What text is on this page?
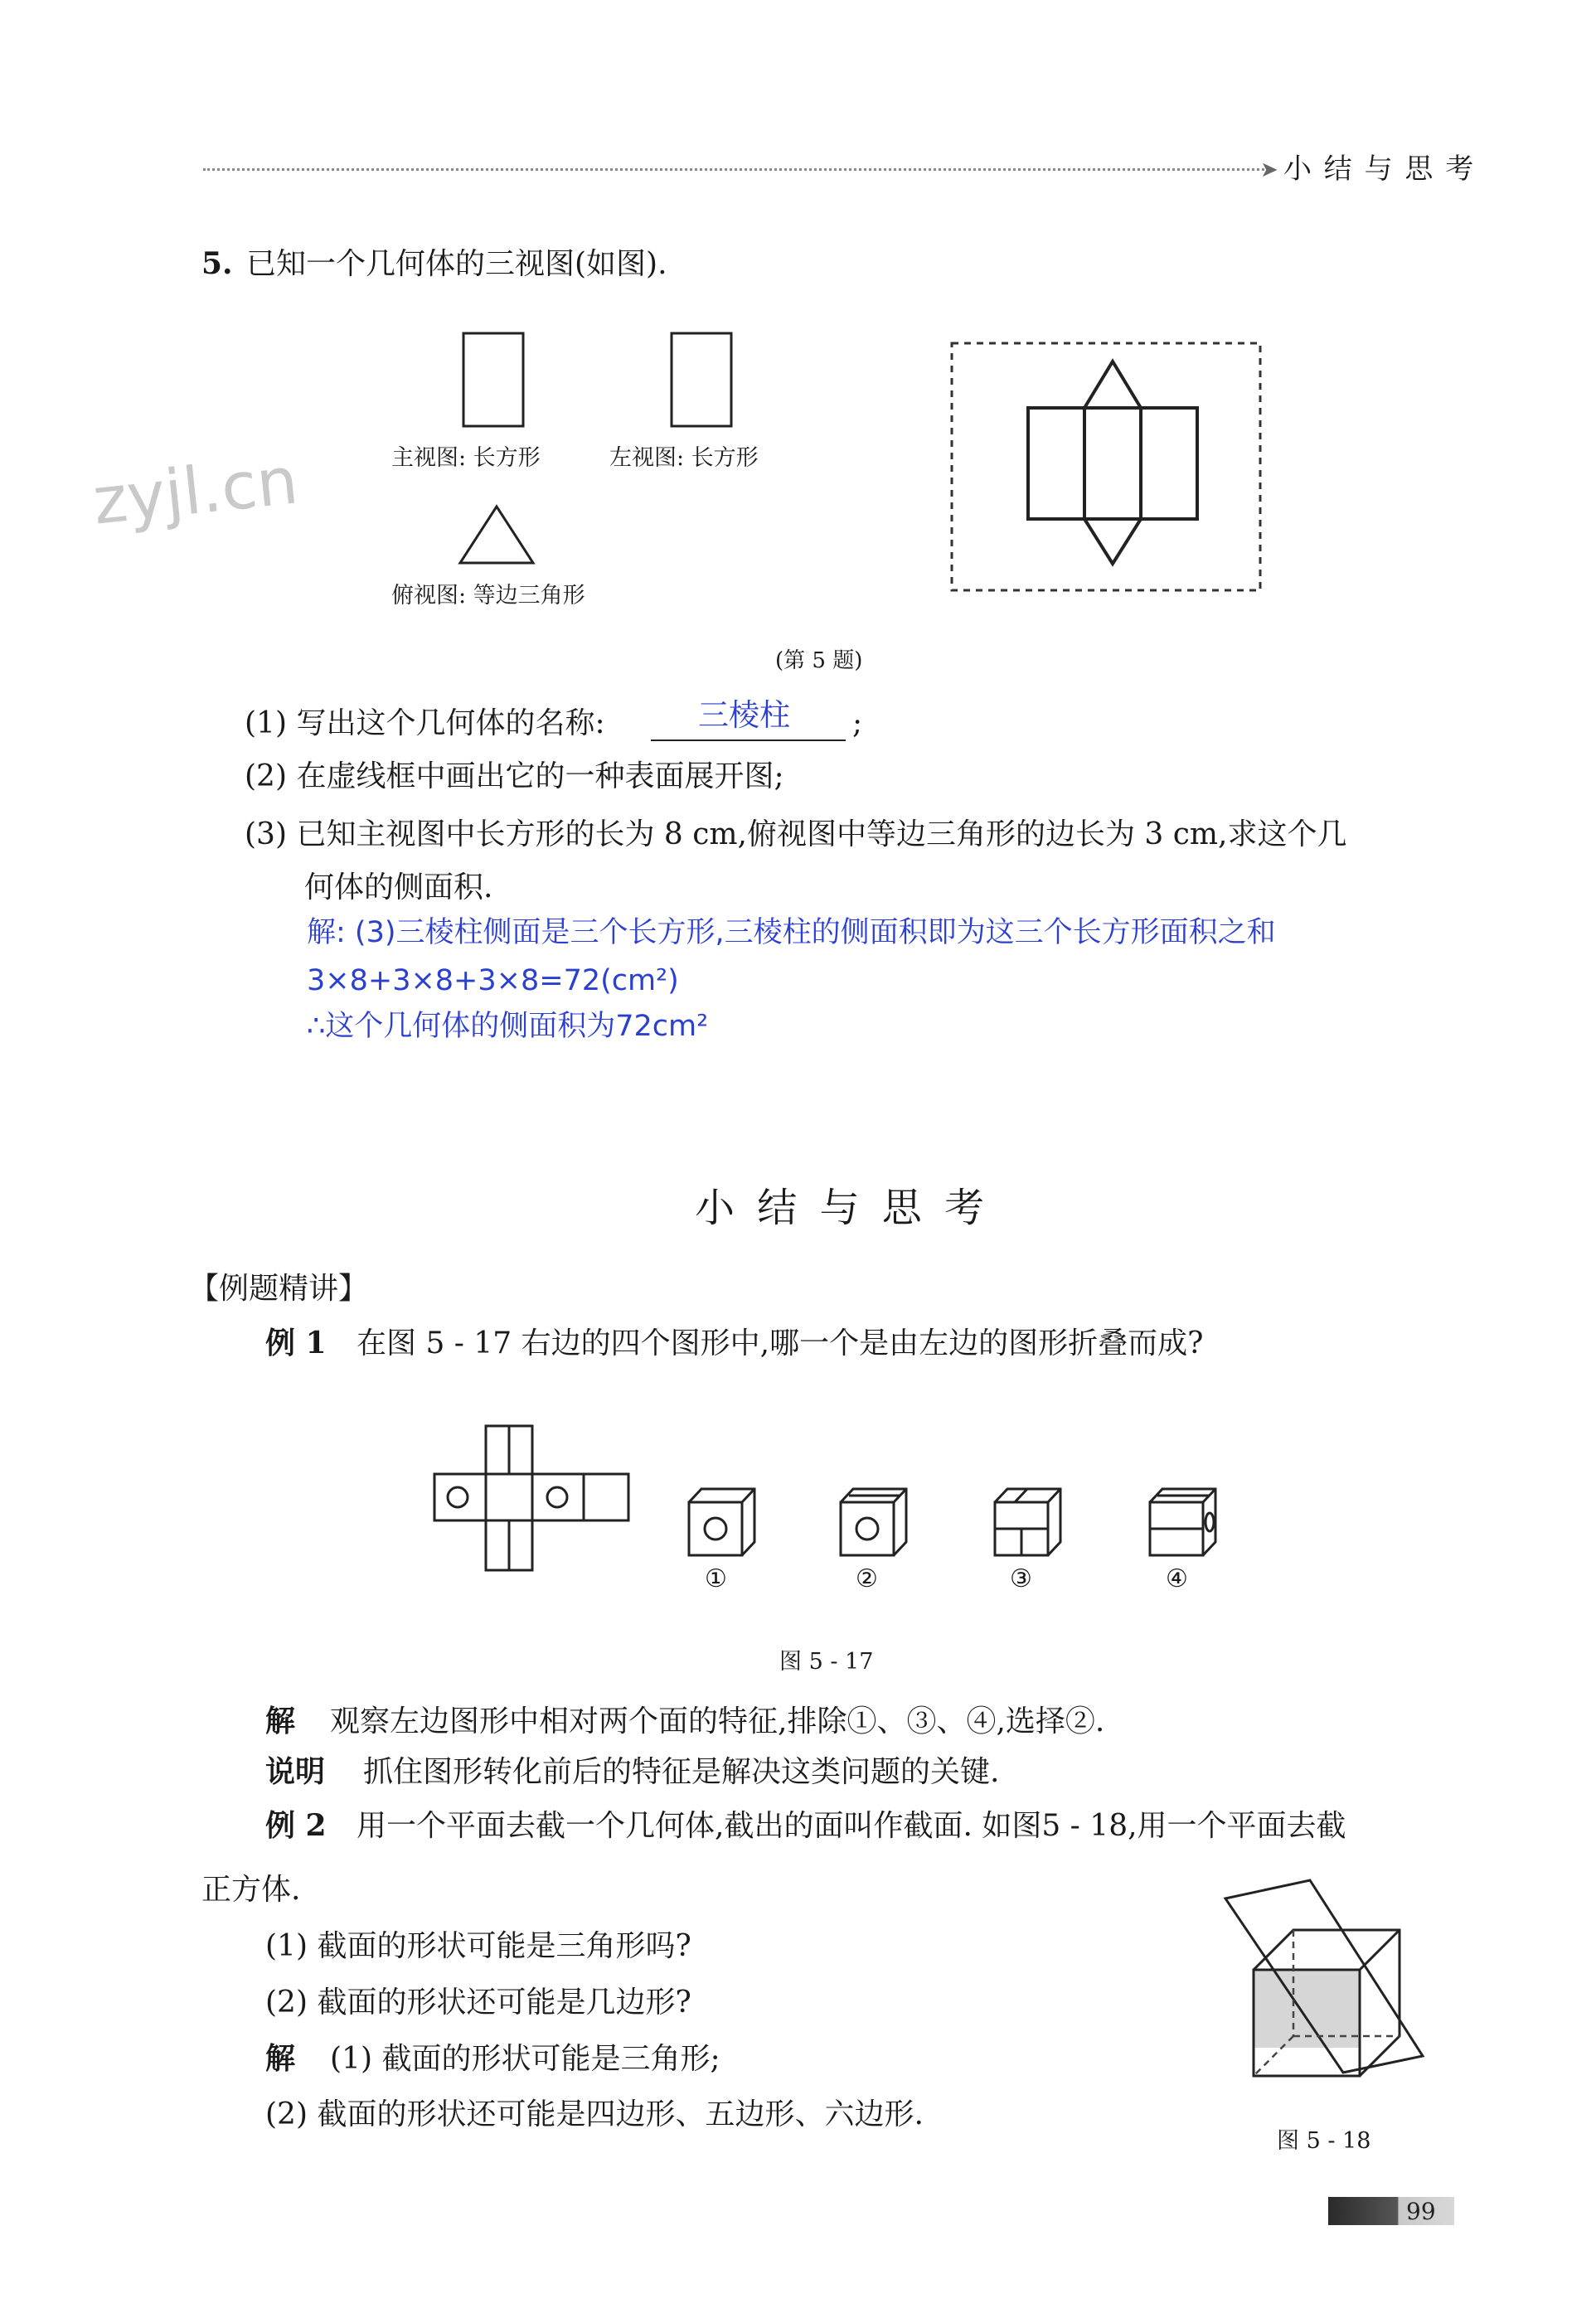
➤ 小 结 与 思 考
zyjl.cn
5. 已知一个几何体的三视图(如图).
主视图: 长方形	左视图: 长方形
俯视图: 等边三角形
(第 5 题)
(1) 写出这个几何体的名称:	三棱柱 ;
(2) 在虚线框中画出它的一种表面展开图;
(3) 已知主视图中长方形的长为 8 cm,俯视图中等边三角形的边长为 3 cm,求这个几
何体的侧面积.
解: (3)三棱柱侧面是三个长方形,三棱柱的侧面积即为这三个长方形面积之和
3×8+3×8+3×8=72(cm²)
∴这个几何体的侧面积为72cm²
小 结 与 思 考
【例题精讲】
例 1 在图 5 - 17 右边的四个图形中,哪一个是由左边的图形折叠而成?
①	②	③	④
图 5 - 17
解 观察左边图形中相对两个面的特征,排除①、③、④,选择②.
说明 抓住图形转化前后的特征是解决这类问题的关键.
例 2 用一个平面去截一个几何体,截出的面叫作截面. 如图5 - 18,用一个平面去截
正方体.
(1) 截面的形状可能是三角形吗?
(2) 截面的形状还可能是几边形?
解 (1) 截面的形状可能是三角形;
(2) 截面的形状还可能是四边形、五边形、六边形.
图 5 - 18
99
